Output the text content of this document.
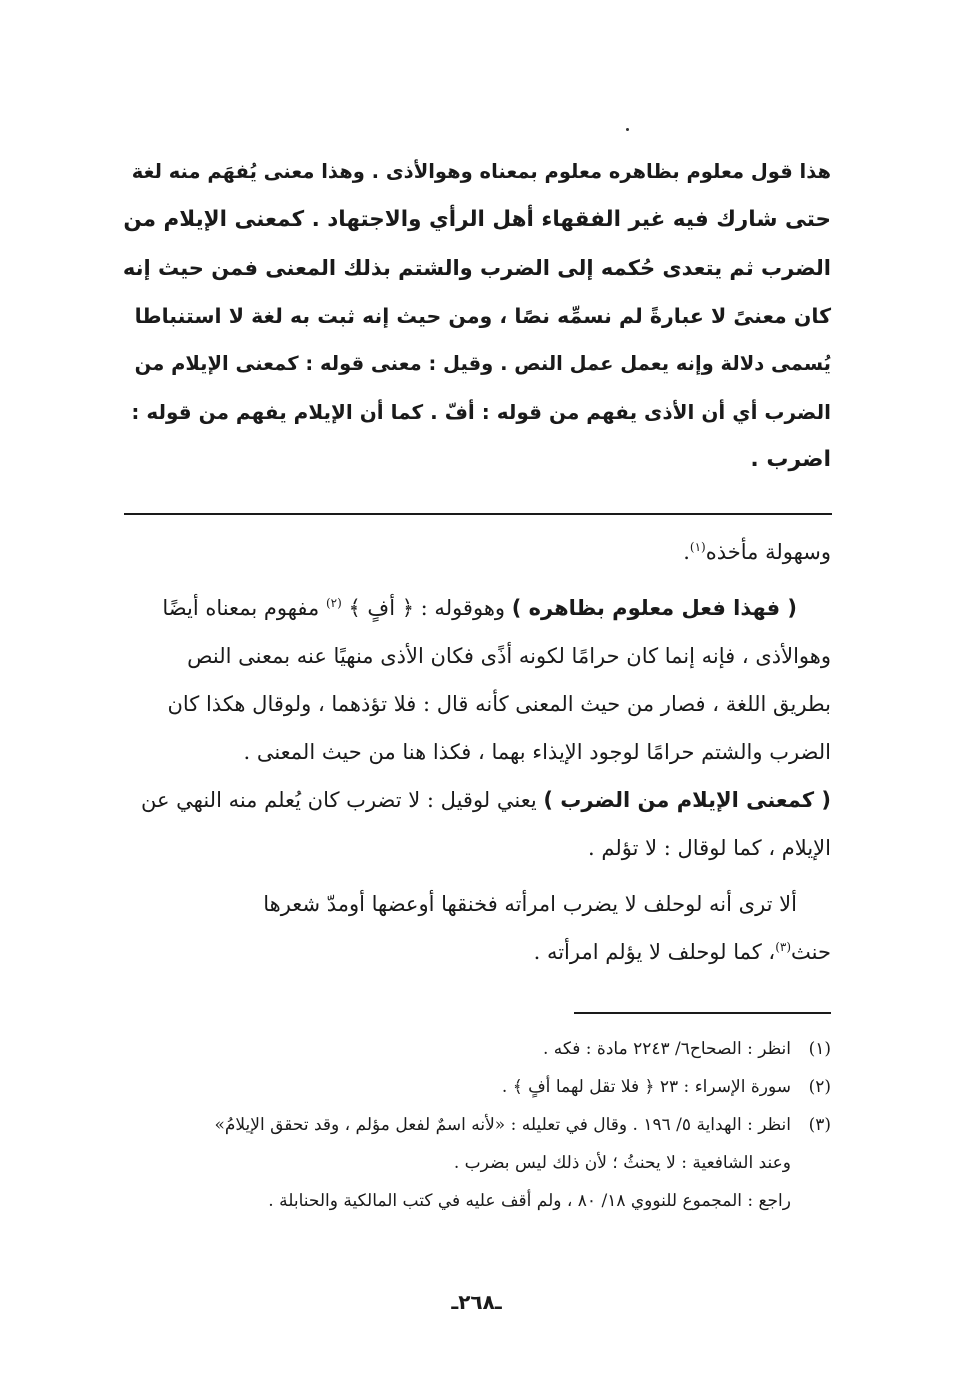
هذا قول معلوم بظاهره معلوم بمعناه وهوالأذى . وهذا معنى يُفهَم منه لغة
حتى شارك فيه غير الفقهاء أهل الرأي والاجتهاد . كمعنى الإيلام من
الضرب ثم يتعدى حُكمه إلى الضرب والشتم بذلك المعنى فمن حيث إنه
كان معنىً لا عبارةً لم نسمِّه نصًا ، ومن حيث إنه ثبت به لغة لا استنباطا
يُسمى دلالة وإنه يعمل عمل النص . وقيل : معنى قوله : كمعنى الإيلام من
الضرب أي أن الأذى يفهم من قوله : أفّ . كما أن الإيلام يفهم من قوله :
اضرب .
وسهولة مأخذه$^{(١)}$.
( فهذا فعل معلوم بظاهره ) وهوقوله : ﴿ أفٍ ﴾ $^{(٢)}$ مفهوم بمعناه أيضًا
وهوالأذى ، فإنه إنما كان حرامًا لكونه أذًى فكان الأذى منهيًا عنه بمعنى النص
بطريق اللغة ، فصار من حيث المعنى كأنه قال : فلا تؤذهما ، ولوقال هكذا كان
الضرب والشتم حرامًا لوجود الإيذاء بهما ، فكذا هنا من حيث المعنى .
( كمعنى الإيلام من الضرب ) يعني لوقيل : لا تضرب كان يُعلم منه النهي عن
الإيلام ، كما لوقال : لا تؤلم .
ألا ترى أنه لوحلف لا يضرب امرأته فخنقها أوعضها أومدّ شعرها
حنث$^{(٣)}$، كما لوحلف لا يؤلم امرأته .
(١)انظر : الصحاح٦/ ٢٢٤٣ مادة : فكه .
(٢)سورة الإسراء : ٢٣ ﴿ فلا تقل لهما أفٍ ﴾ .
(٣)انظر : الهداية ٥/ ١٩٦ . وقال في تعليله : «لأنه اسمٌ لفعل مؤلم ، وقد تحقق الإيلامُ»
وعند الشافعية : لا يحنثُ ؛ لأن ذلك ليس بضرب .
راجع : المجموع للنووي ١٨/ ٨٠ ، ولم أقف عليه في كتب المالكية والحنابلة .
ـ٢٦٨ـ
